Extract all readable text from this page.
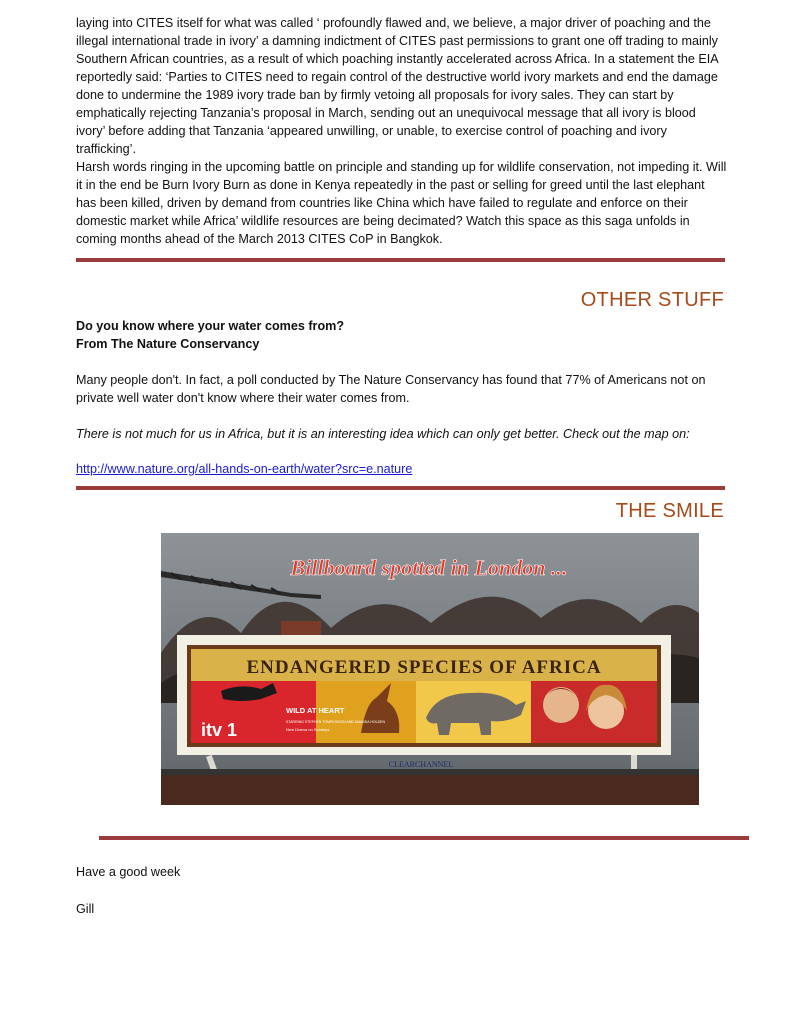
laying into CITES itself for what was called ‘ profoundly flawed and, we believe, a major driver of poaching and the illegal international trade in ivory’ a damning indictment of CITES past permissions to grant one off trading to mainly Southern African countries, as a result of which poaching instantly accelerated across Africa. In a statement the EIA reportedly said: ‘Parties to CITES need to regain control of the destructive world ivory markets and end the damage done to undermine the 1989 ivory trade ban by firmly vetoing all proposals for ivory sales. They can start by emphatically rejecting Tanzania’s proposal in March, sending out an unequivocal message that all ivory is blood ivory’ before adding that Tanzania ‘appeared unwilling, or unable, to exercise control of poaching and ivory trafficking’.

Harsh words ringing in the upcoming battle on principle and standing up for wildlife conservation, not impeding it. Will it in the end be Burn Ivory Burn as done in Kenya repeatedly in the past or selling for greed until the last elephant has been killed, driven by demand from countries like China which have failed to regulate and enforce on their domestic market while Africa’ wildlife resources are being decimated? Watch this space as this saga unfolds in coming months ahead of the March 2013 CITES CoP in Bangkok.

OTHER STUFF

Do you know where your water comes from?

From The Nature Conservancy

Many people don't. In fact, a poll conducted by The Nature Conservancy has found that 77% of Americans not on private well water don't know where their water comes from.

There is not much for us in Africa, but it is an interesting idea which can only get better. Check out the map on:

http://www.nature.org/all-hands-on-earth/water?src=e.nature

THE SMILE
Billboard spotted in London ...
ENDANGERED SPECIES OF AFRICA
itv 1
WILD AT HEART
STARRING STEPHEN TOMPKINSON AND AMANDA HOLDEN
New Drama on Sundays
CLEARCHANNEL

Have a good week

Gill
